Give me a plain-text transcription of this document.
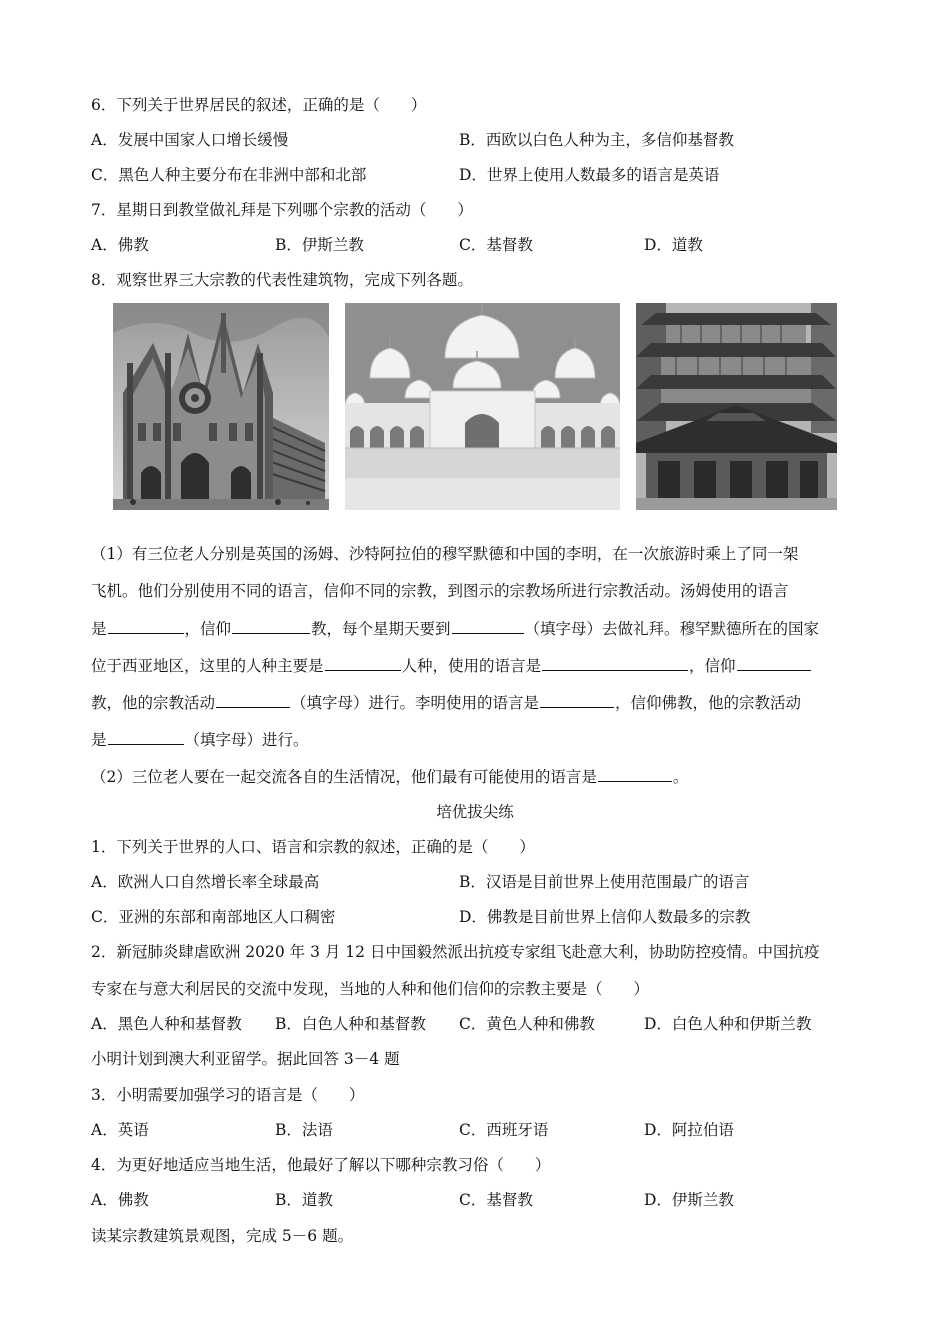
6．下列关于世界居民的叙述，正确的是（　　）
A．发展中国家人口增长缓慢	B．西欧以白色人种为主，多信仰基督教
C．黑色人种主要分布在非洲中部和北部	D．世界上使用人数最多的语言是英语
7．星期日到教堂做礼拜是下列哪个宗教的活动（　　）
A．佛教	B．伊斯兰教	C．基督教	D．道教
8．观察世界三大宗教的代表性建筑物，完成下列各题。
（1）有三位老人分别是英国的汤姆、沙特阿拉伯的穆罕默德和中国的李明，在一次旅游时乘上了同一架
飞机。他们分别使用不同的语言，信仰不同的宗教，到图示的宗教场所进行宗教活动。汤姆使用的语言
是	，信仰	教，每个星期天要到	（填字母）去做礼拜。穆罕默德所在的国家
位于西亚地区，这里的人种主要是	人种，使用的语言是	，信仰
教，他的宗教活动	（填字母）进行。李明使用的语言是	，信仰佛教，他的宗教活动
是	（填字母）进行。
（2）三位老人要在一起交流各自的生活情况，他们最有可能使用的语言是	。
培优拔尖练
1．下列关于世界的人口、语言和宗教的叙述，正确的是（　　）
A．欧洲人口自然增长率全球最高	B．汉语是目前世界上使用范围最广的语言
C．亚洲的东部和南部地区人口稠密	D．佛教是目前世界上信仰人数最多的宗教
2．新冠肺炎肆虐欧洲 2020 年 3 月 12 日中国毅然派出抗疫专家组飞赴意大利，协助防控疫情。中国抗疫
专家在与意大利居民的交流中发现，当地的人种和他们信仰的宗教主要是（　　）
A．黑色人种和基督教 B．白色人种和基督教 C．黄色人种和佛教	D．白色人种和伊斯兰教
小明计划到澳大利亚留学。据此回答 3－4 题
3．小明需要加强学习的语言是（　　）
A．英语	B．法语	C．西班牙语	D．阿拉伯语
4．为更好地适应当地生活，他最好了解以下哪种宗教习俗（　　）
A．佛教	B．道教	C．基督教	D．伊斯兰教
读某宗教建筑景观图，完成 5－6 题。
